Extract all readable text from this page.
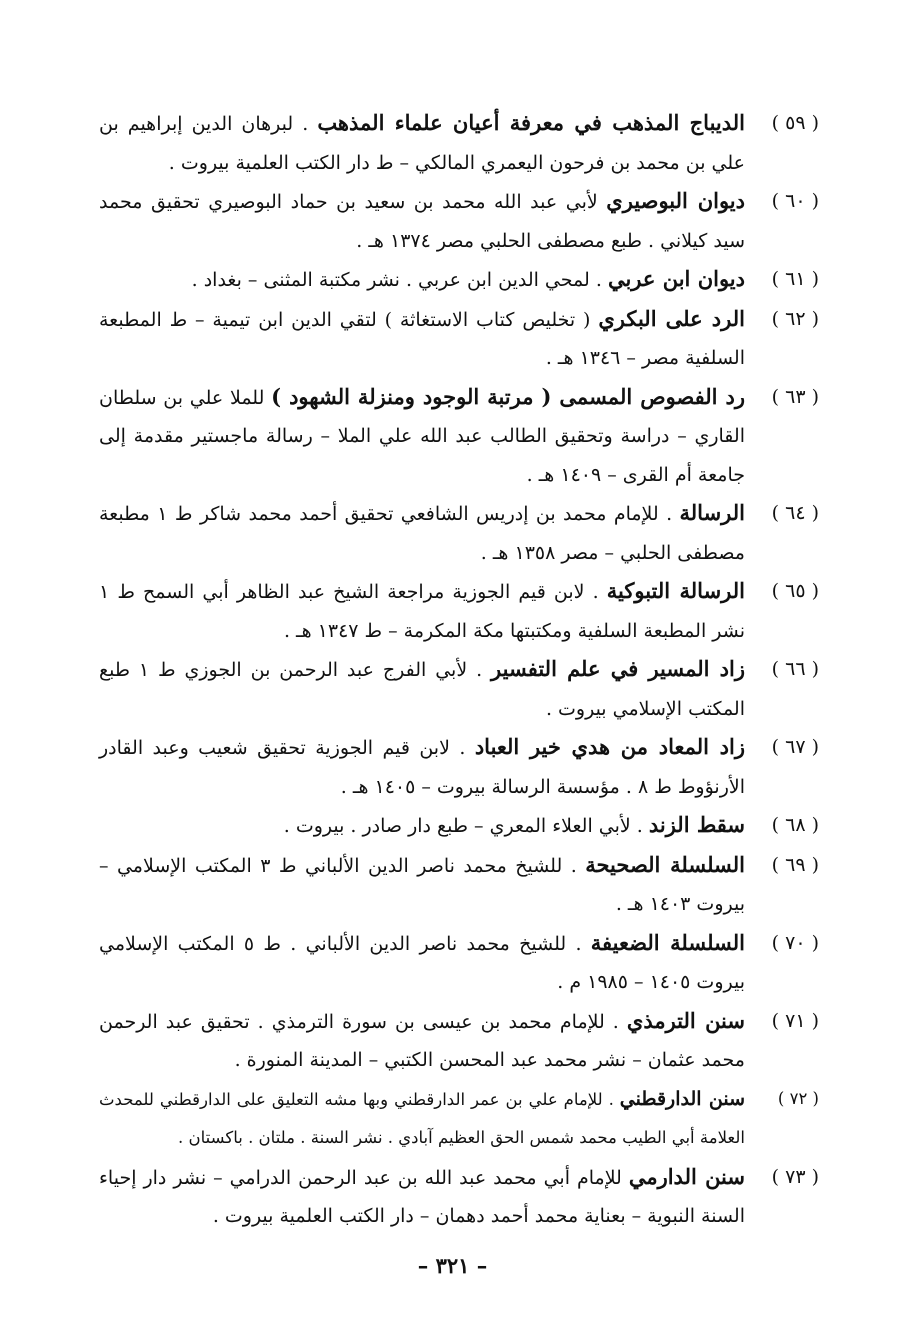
( ٥٩ )
الديباج المذهب في معرفة أعيان علماء المذهب . لبرهان الدين إبراهيم بن علي بن محمد بن فرحون اليعمري المالكي – ط دار الكتب العلمية بيروت .
( ٦٠ )
ديوان البوصيري لأبي عبد الله محمد بن سعيد بن حماد البوصيري تحقيق محمد سيد كيلاني . طبع مصطفى الحلبي مصر ١٣٧٤ هـ .
( ٦١ )
ديوان ابن عربي . لمحي الدين ابن عربي . نشر مكتبة المثنى – بغداد .
( ٦٢ )
الرد على البكري ( تخليص كتاب الاستغاثة ) لتقي الدين ابن تيمية – ط المطبعة السلفية مصر – ١٣٤٦ هـ .
( ٦٣ )
رد الفصوص المسمى ( مرتبة الوجود ومنزلة الشهود ) للملا علي بن سلطان القاري – دراسة وتحقيق الطالب عبد الله علي الملا – رسالة ماجستير مقدمة إلى جامعة أم القرى – ١٤٠٩ هـ .
( ٦٤ )
الرسالة . للإمام محمد بن إدريس الشافعي تحقيق أحمد محمد شاكر ط ١ مطبعة مصطفى الحلبي – مصر ١٣٥٨ هـ .
( ٦٥ )
الرسالة التبوكية . لابن قيم الجوزية مراجعة الشيخ عبد الظاهر أبي السمح ط ١ نشر المطبعة السلفية ومكتبتها مكة المكرمة – ط ١٣٤٧ هـ .
( ٦٦ )
زاد المسير في علم التفسير . لأبي الفرج عبد الرحمن بن الجوزي ط ١ طبع المكتب الإسلامي بيروت .
( ٦٧ )
زاد المعاد من هدي خير العباد . لابن قيم الجوزية تحقيق شعيب وعبد القادر الأرنؤوط ط ٨ . مؤسسة الرسالة بيروت – ١٤٠٥ هـ .
( ٦٨ )
سقط الزند . لأبي العلاء المعري – طبع دار صادر . بيروت .
( ٦٩ )
السلسلة الصحيحة . للشيخ محمد ناصر الدين الألباني ط ٣ المكتب الإسلامي – بيروت ١٤٠٣ هـ .
( ٧٠ )
السلسلة الضعيفة . للشيخ محمد ناصر الدين الألباني . ط ٥ المكتب الإسلامي بيروت ١٤٠٥ – ١٩٨٥ م .
( ٧١ )
سنن الترمذي . للإمام محمد بن عيسى بن سورة الترمذي . تحقيق عبد الرحمن محمد عثمان – نشر محمد عبد المحسن الكتبي – المدينة المنورة .
( ٧٢ )
سنن الدارقطني . للإمام علي بن عمر الدارقطني وبها مشه التعليق على الدارقطني للمحدث العلامة أبي الطيب محمد شمس الحق العظيم آبادي . نشر السنة . ملتان . باكستان .
( ٧٣ )
سنن الدارمي للإمام أبي محمد عبد الله بن عبد الرحمن الدرامي – نشر دار إحياء السنة النبوية – بعناية محمد أحمد دهمان – دار الكتب العلمية بيروت .
– ٣٢١ –
